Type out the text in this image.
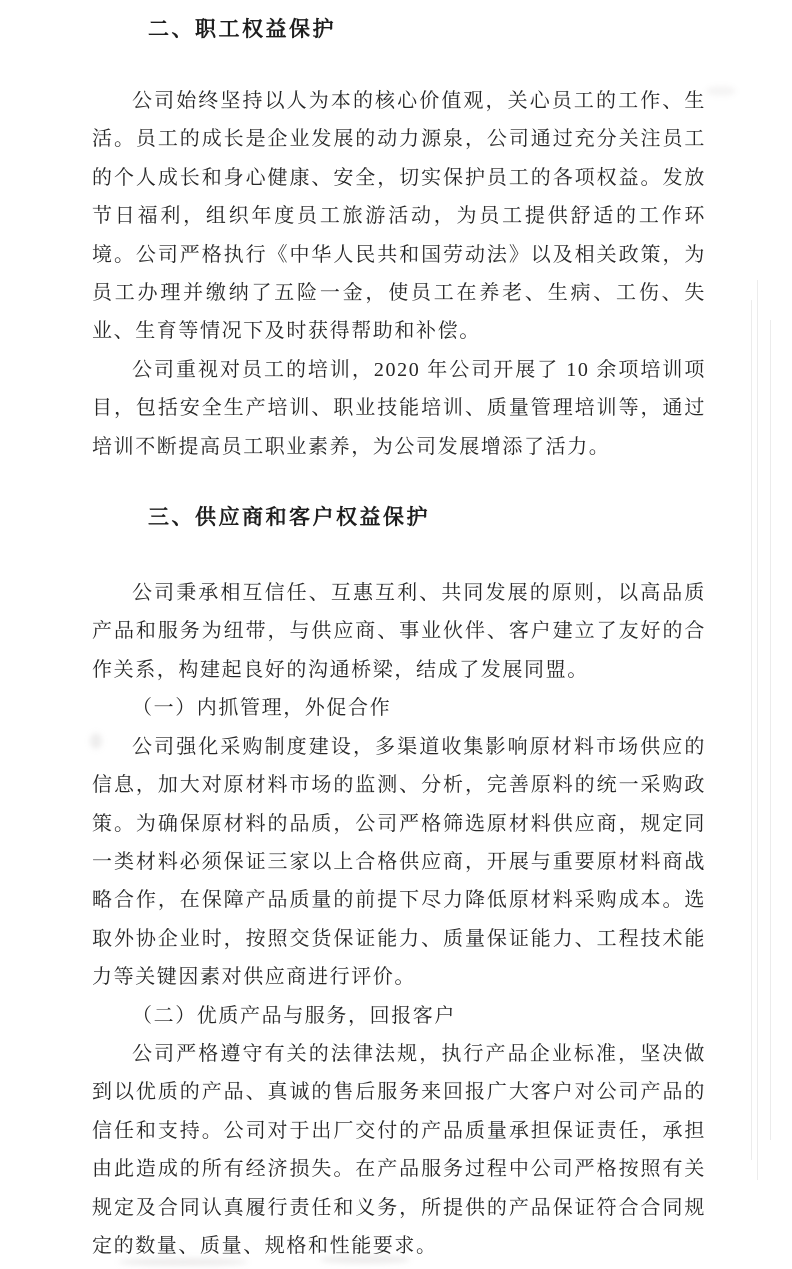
二、职工权益保护

公司始终坚持以人为本的核心价值观，关心员工的工作、生活。员工的成长是企业发展的动力源泉，公司通过充分关注员工的个人成长和身心健康、安全，切实保护员工的各项权益。发放节日福利，组织年度员工旅游活动，为员工提供舒适的工作环境。公司严格执行《中华人民共和国劳动法》以及相关政策，为员工办理并缴纳了五险一金，使员工在养老、生病、工伤、失业、生育等情况下及时获得帮助和补偿。

公司重视对员工的培训，2020 年公司开展了 10 余项培训项目，包括安全生产培训、职业技能培训、质量管理培训等，通过培训不断提高员工职业素养，为公司发展增添了活力。

三、供应商和客户权益保护

公司秉承相互信任、互惠互利、共同发展的原则，以高品质产品和服务为纽带，与供应商、事业伙伴、客户建立了友好的合作关系，构建起良好的沟通桥梁，结成了发展同盟。

（一）内抓管理，外促合作

公司强化采购制度建设，多渠道收集影响原材料市场供应的信息，加大对原材料市场的监测、分析，完善原料的统一采购政策。为确保原材料的品质，公司严格筛选原材料供应商，规定同一类材料必须保证三家以上合格供应商，开展与重要原材料商战略合作，在保障产品质量的前提下尽力降低原材料采购成本。选取外协企业时，按照交货保证能力、质量保证能力、工程技术能力等关键因素对供应商进行评价。

（二）优质产品与服务，回报客户

公司严格遵守有关的法律法规，执行产品企业标准，坚决做到以优质的产品、真诚的售后服务来回报广大客户对公司产品的信任和支持。公司对于出厂交付的产品质量承担保证责任，承担由此造成的所有经济损失。在产品服务过程中公司严格按照有关规定及合同认真履行责任和义务，所提供的产品保证符合合同规定的数量、质量、规格和性能要求。
